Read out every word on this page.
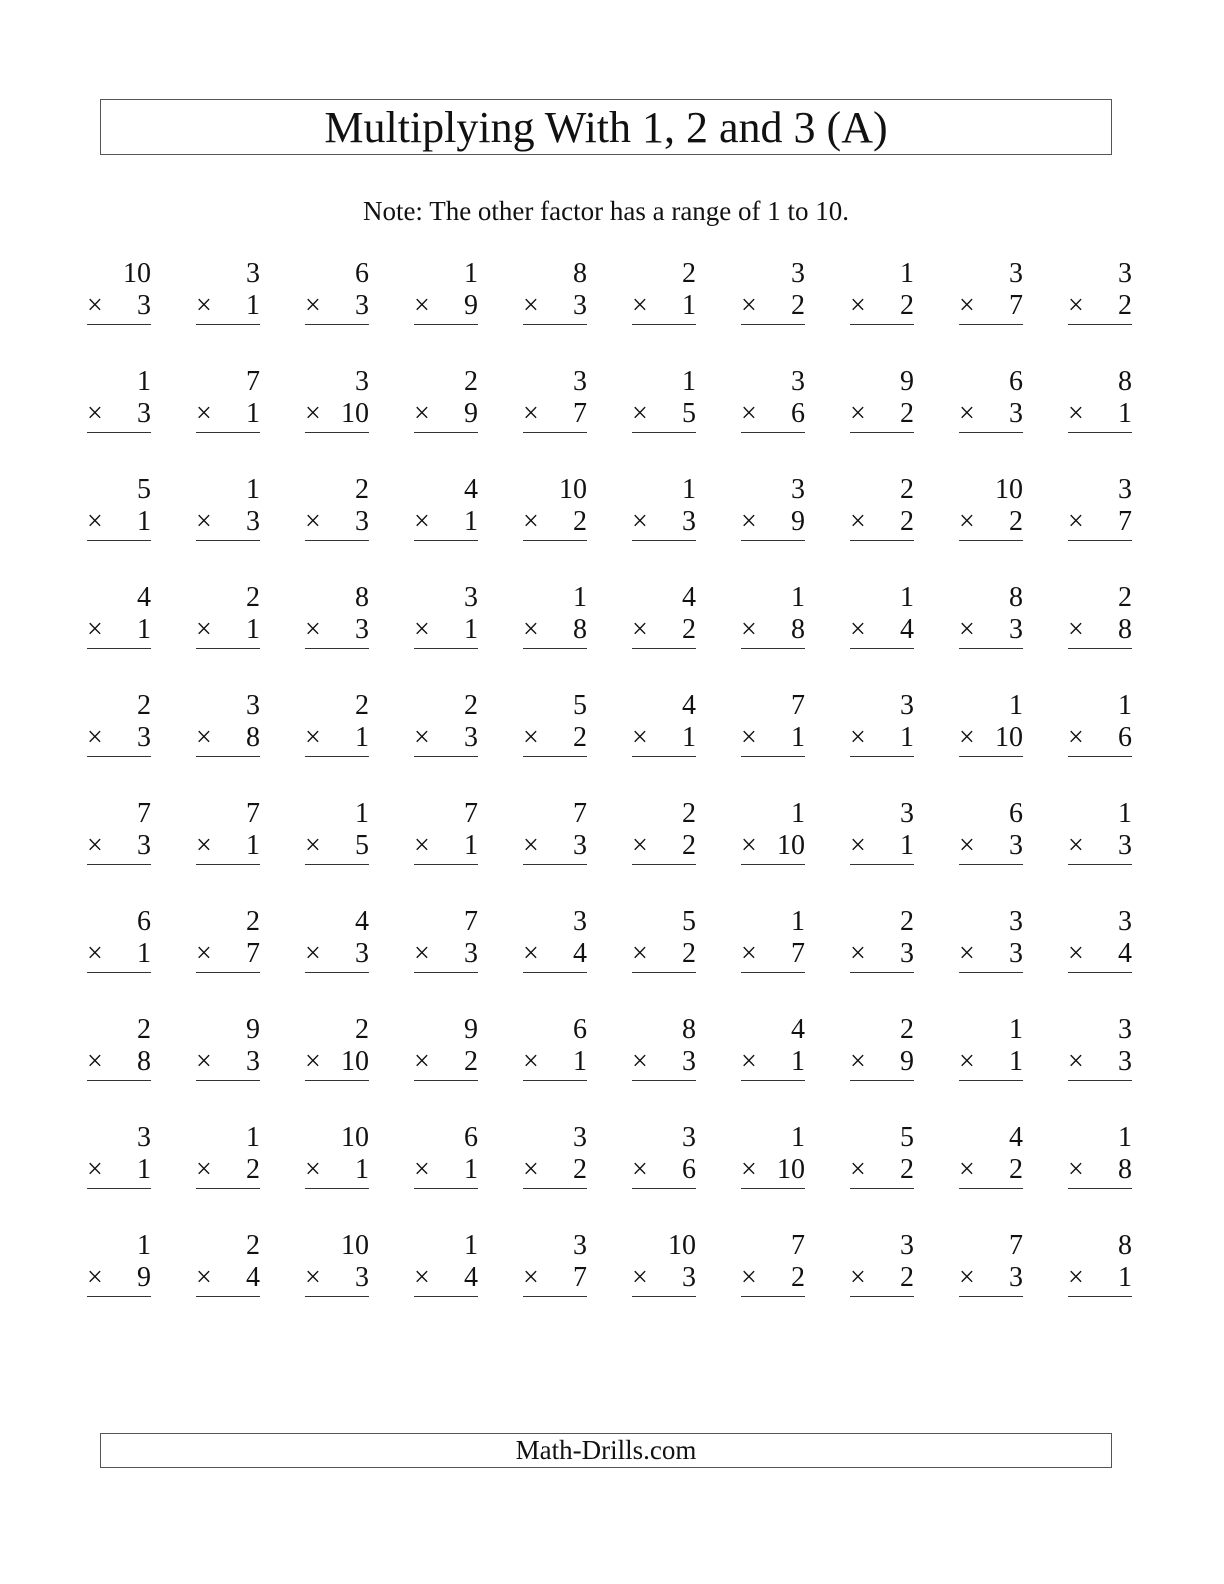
Multiplying With 1, 2 and 3 (A)
Note: The other factor has a range of 1 to 10.
10
× 3
3
× 1
6
× 3
1
× 9
8
× 3
2
× 1
3
× 2
1
× 2
3
× 7
3
× 2
1
× 3
7
× 1
3
× 10
2
× 9
3
× 7
1
× 5
3
× 6
9
× 2
6
× 3
8
× 1
5
× 1
1
× 3
2
× 3
4
× 1
10
× 2
1
× 3
3
× 9
2
× 2
10
× 2
3
× 7
4
× 1
2
× 1
8
× 3
3
× 1
1
× 8
4
× 2
1
× 8
1
× 4
8
× 3
2
× 8
2
× 3
3
× 8
2
× 1
2
× 3
5
× 2
4
× 1
7
× 1
3
× 1
1
× 10
1
× 6
7
× 3
7
× 1
1
× 5
7
× 1
7
× 3
2
× 2
1
× 10
3
× 1
6
× 3
1
× 3
6
× 1
2
× 7
4
× 3
7
× 3
3
× 4
5
× 2
1
× 7
2
× 3
3
× 3
3
× 4
2
× 8
9
× 3
2
× 10
9
× 2
6
× 1
8
× 3
4
× 1
2
× 9
1
× 1
3
× 3
3
× 1
1
× 2
10
× 1
6
× 1
3
× 2
3
× 6
1
× 10
5
× 2
4
× 2
1
× 8
1
× 9
2
× 4
10
× 3
1
× 4
3
× 7
10
× 3
7
× 2
3
× 2
7
× 3
8
× 1
Math-Drills.com
